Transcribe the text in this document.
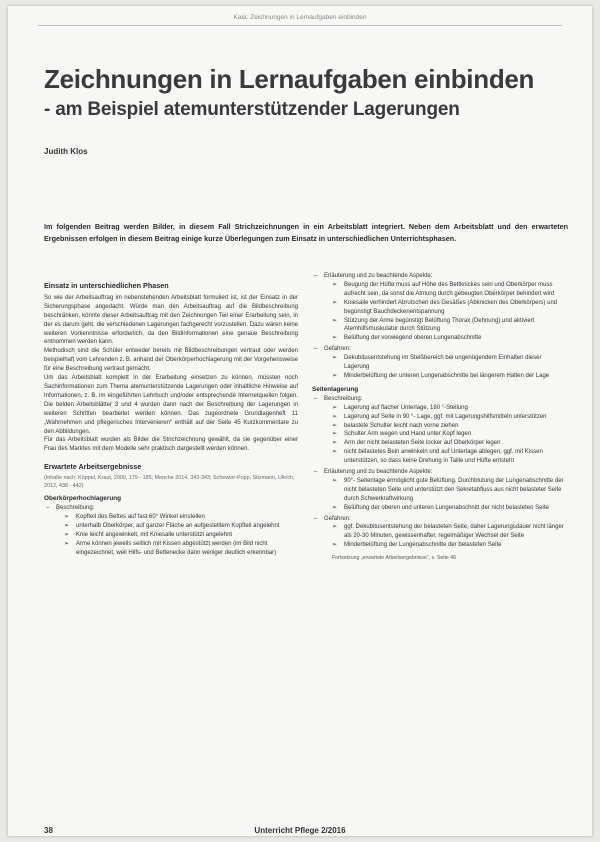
Kaia: Zeichnungen in Lernaufgaben einbinden
Zeichnungen in Lernaufgaben einbinden
- am Beispiel atemunterstützender Lagerungen
Judith Klos

Im folgenden Beitrag werden Bilder, in diesem Fall Strichzeichnungen in ein Arbeitsblatt integriert. Neben dem Arbeitsblatt und den erwarteten Ergebnissen erfolgen in diesem Beitrag einige kurze Überlegungen zum Einsatz in unterschiedlichen Unterrichtsphasen.

Einsatz in unterschiedlichen Phasen

So wie der Arbeitsauftrag im nebenstehenden Arbeitsblatt formuliert ist, ist der Einsatz in der Sicherungsphase angedacht. Würde man den Arbeitsauftrag auf die Bildbeschreibung beschränken, könnte dieser Arbeitsauftrag mit den Zeichnungen Teil einer Erarbeitung sein, in der es darum geht, die verschiedenen Lagerungen fachgerecht vorzustellen. Dazu wären keine weiteren Vorkenntnisse erforderlich, da den Bildinformationen eine genaue Beschreibung entnommen werden kann.

Methodisch sind die Schüler entweder bereits mit Bildbeschreibungen vertraut oder werden beispielhaft vom Lehrenden z. B. anhand der Oberkörperhochlagerung mit der Vorgehensweise für eine Beschreibung vertraut gemacht.

Um das Arbeitsblatt komplett in der Erarbeitung einsetzen zu können, müssten noch Sachinformationen zum Thema atemunterstützende Lagerungen oder inhaltliche Hinweise auf Informationen, z. B. im eingeführten Lehrbuch und/oder entsprechende Internetquellen folgen. Die beiden Arbeitsblätter 3 und 4 wurden dann nach der Beschreibung der Lagerungen in weiteren Schritten bearbeitet werden können. Das zugeordnete Grundlagenheft 11 „Wahrnehmen und pflegerisches Intervenieren“ enthält auf der Seite 45 Kurzkommentare zu den Abbildungen.

Für das Arbeitsblatt wurden als Bilder die Strichzeichnung gewählt, da sie gegenüber einer Frau des Marktes mit dem Modelle sehr praktisch dargestellt werden können.

Erwartete Arbeitsergebnisse
(Inhalte nach: Köppel, Kraut, 2000, 179 - 185; Menche 2014, 343-343; Schewior-Popp, Sitzmann, Ullrich, 2012, 438 - 442)
Oberkörperhochlagerung
– Beschreibung:
➢ Kopfteil des Bettes auf fast 60° Winkel einstellen
➢ unterhalb Oberkörper, auf ganzer Fläche an aufgestelltem Kopfteil angelehnt
➢ Knie leicht angewinkelt, mit Kniesalle unterstützt angelehnt
➢ Arme können jeweils seitlich mit Kissen abgestützt werden (im Bild nicht eingezeichnet, weil Hilfs- und Bettenecke dann weniger deutlich erkennbar)
– Erläuterung und zu beachtende Aspekte:
➢ Beugung der Hüfte muss auf Höhe des Bettknickes sein und Oberkörper muss aufrecht sein, da sonst die Atmung durch gebeugten Oberkörper behindert wird
➢ Kniesalle verhindert Abrutschen des Gesäßes (Abknicken des Oberkörpers) und begünstigt Bauchdeckenentspannung
➢ Stützung der Arme begünstigt Belüftung Thorax (Dehnung) und aktiviert Atemhilfsmuskulatur durch Stützung
➢ Belüftung der vorwiegend oberen Lungenabschnitte
– Gefahren:
➢ Dekubitusentstehung im Steißbereich bei ungenügendem Einhalten dieser Lagerung
➢ Minderbelüftung der unteren Lungenabschnitte bei längerem Halten der Lage
Seitenlagerung
– Beschreibung:
➢ Lagerung auf flacher Unterlage, 180 °-Stellung
➢ Lagerung auf Seite in 90 °- Lage, ggf. mit Lagerungshilfsmitteln unterstützen
➢ belastete Schulter leicht nach vorne ziehen
➢ Schulter Arm wegen und Hand unter Kopf legen
➢ Arm der nicht belasteten Seite locker auf Oberkörper legen
➢ nicht belastetes Bein anwinkeln und auf Unterlage ablegen, ggf. mit Kissen unterstützen, so dass keine Drehung in Taille und Hüfte entsteht
– Erläuterung und zu beachtende Aspekte:
➢ 90°- Seitenlage ermöglicht gute Belüftung. Durchblutung der Lungenabschnitte der nicht belasteten Seite und unterstützt den Sekretabfluss aus nicht belasteter Seite durch Schwerkraftwirkung
➢ Belüftung der oberen und unteren Lungenabschnitt der nicht belasteten Seite
– Gefahren:
➢ ggf. Dekubitusentstehung der belasteten Seite, daher Lagerungsdauer nicht länger als 20-30 Minuten, gewissenhafter, regelmäßiger Wechsel der Seite
➢ Minderbelüftung der Lungenabschnitte der belasteten Seite
Fortsetzung „erwartete Arbeitsergebnisse“, s. Seite 46
38	Unterricht Pflege 2/2016
